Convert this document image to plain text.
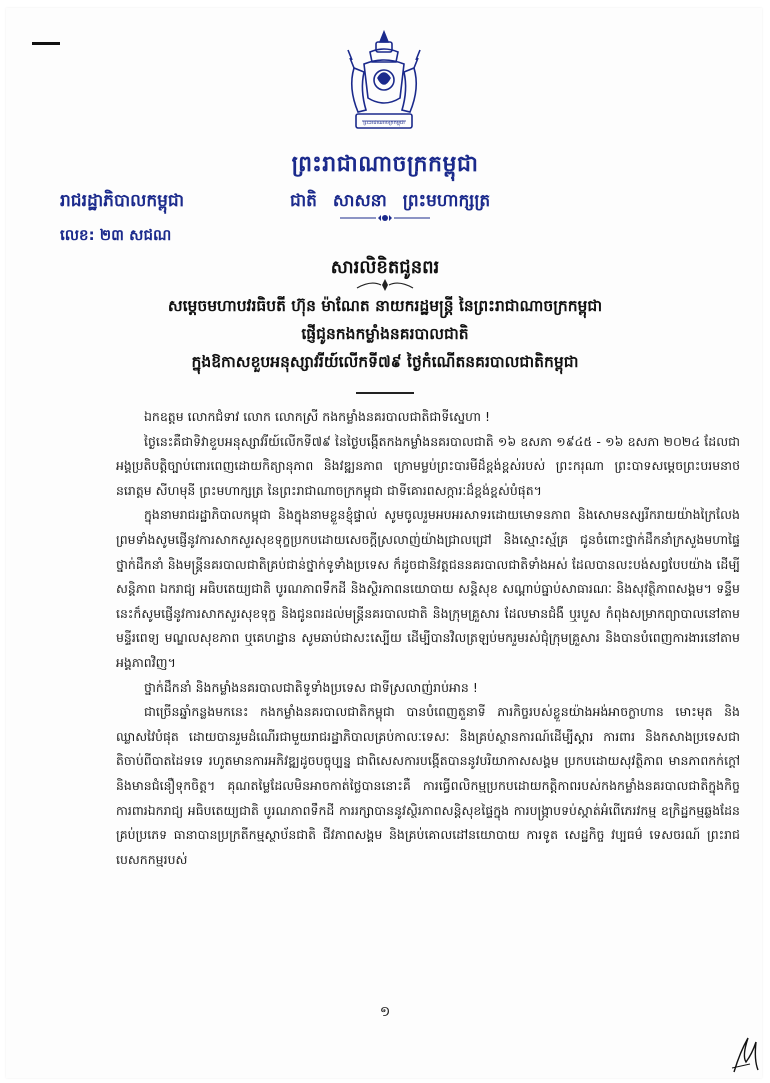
ព្រះរាជាណាចក្រកម្ពុជា
ព្រះរាជាណាចក្រកម្ពុជា
រាជរដ្ឋាភិបាលកម្ពុជា	ជាតិ សាសនា ព្រះមហាក្សត្រ
លេខ: ២៣ សជណ
សារលិខិតជូនពរ
សម្តេចមហាបវរធិបតី ហ៊ុន ម៉ាណែត នាយករដ្ឋមន្ត្រី នៃព្រះរាជាណាចក្រកម្ពុជា
ផ្ញើជូនកងកម្លាំងនគរបាលជាតិ
ក្នុងឱកាសខួបអនុស្សាវរីយ៍លើកទី៧៩ ថ្ងៃកំណើតនគរបាលជាតិកម្ពុជា

ឯកឧត្តម លោកជំទាវ លោក លោកស្រី កងកម្លាំងនគរបាលជាតិជាទីស្នេហា !

ថ្ងៃនេះគឺជាទិវាខួបអនុស្សាវរីយ៍លើកទី៧៩ នៃថ្ងៃបង្កើតកងកម្លាំងនគរបាលជាតិ ១៦ ឧសភា ១៩៤៥ - ១៦ ឧសភា ២០២៤ ដែលជាអង្គប្រតិបត្តិច្បាប់ពោរពេញដោយកិត្យានុភាព និងវឌ្ឍនភាព ក្រោមម្លប់ព្រះបារមីដ៏ខ្ពង់ខ្ពស់របស់ ព្រះករុណា ព្រះបាទសម្តេចព្រះបរមនាថ នរោត្តម សីហមុនី ព្រះមហាក្សត្រ នៃព្រះរាជាណាចក្រកម្ពុជា ជាទីគោរពសក្ការៈដ៏ខ្ពង់ខ្ពស់បំផុត។

ក្នុងនាមរាជរដ្ឋាភិបាលកម្ពុជា និងក្នុងនាមខ្លួនខ្ញុំផ្ទាល់ សូមចូលរួមអបអរសាទរដោយមោទនភាព និងសោមនស្សរីករាយយ៉ាងក្រៃលែង ព្រមទាំងសូមផ្ញើនូវការសាកសួរសុខទុក្ខប្រកបដោយសេចក្តីស្រលាញ់យ៉ាងជ្រាលជ្រៅ និងស្មោះស្ម័គ្រ ជូនចំពោះថ្នាក់ដឹកនាំក្រសួងមហាផ្ទៃ ថ្នាក់ដឹកនាំ និងមន្ត្រីនគរបាលជាតិគ្រប់ជាន់ថ្នាក់ទូទាំងប្រទេស ក៏ដូចជានិវត្តជននគរបាលជាតិទាំងអស់ ដែលបានលះបង់សព្វបែបយ៉ាង ដើម្បីសន្តិភាព ឯករាជ្យ អធិបតេយ្យជាតិ បូរណភាពទឹកដី និងស្ថិរភាពនយោបាយ សន្តិសុខ សណ្តាប់ធ្នាប់សាធារណៈ និងសុវត្ថិភាពសង្គម។ ទន្ទឹមនេះក៏សូមផ្ញើនូវការសាកសួរសុខទុក្ខ និងជូនពរដល់មន្ត្រីនគរបាលជាតិ និងក្រុមគ្រួសារ ដែលមានជំងឺ ឬរបួស កំពុងសម្រាកព្យាបាលនៅតាមមន្ទីរពេទ្យ មណ្ឌលសុខភាព ឬគេហដ្ឋាន សូមឆាប់ជាសះស្បើយ ដើម្បីបានវិលត្រឡប់មករួមរស់ជុំក្រុមគ្រួសារ និងបានបំពេញការងារនៅតាមអង្គភាពវិញ។

ថ្នាក់ដឹកនាំ និងកម្លាំងនគរបាលជាតិទូទាំងប្រទេស ជាទីស្រលាញ់រាប់អាន !

ជាច្រើនឆ្នាំកន្លងមកនេះ កងកម្លាំងនគរបាលជាតិកម្ពុជា បានបំពេញតួនាទី ភារកិច្ចរបស់ខ្លួនយ៉ាងអង់អាចក្លាហាន មោះមុត និងឈ្លាសវៃបំផុត ដោយបានរួមដំណើរជាមួយរាជរដ្ឋាភិបាលគ្រប់កាលៈទេសៈ និងគ្រប់ស្ថានការណ៍ដើម្បីស្តារ ការពារ និងកសាងប្រទេសជាតិចាប់ពីបាតដៃទទេ រហូតមានការអភិវឌ្ឍដូចបច្ចុប្បន្ន ជាពិសេសការបង្កើតបាននូវបរិយាកាសសង្គម ប្រកបដោយសុវត្ថិភាព មានភាពកក់ក្តៅ និងមានជំនឿទុកចិត្ត។ គុណតម្លៃដែលមិនអាចកាត់ថ្លៃបាននោះគឺ ការធ្វើពលិកម្មប្រកបដោយកត្តិកាពរបស់កងកម្លាំងនគរបាលជាតិក្នុងកិច្ចការពារឯករាជ្យ អធិបតេយ្យជាតិ បូរណភាពទឹកដី ការរក្សាបាននូវស្ថិរភាពសន្តិសុខផ្ទៃក្នុង ការបង្ក្រាបទប់ស្កាត់អំពើភេរវកម្ម ឧក្រិដ្ឋកម្មឆ្លងដែនគ្រប់ប្រភេទ ធានាបានប្រក្រតីកម្មស្ថាប័នជាតិ ជីវភាពសង្គម និងគ្រប់គោលដៅនយោបាយ ការទូត សេដ្ឋកិច្ច វប្បធម៌ ទេសចរណ៍ ព្រះរាជបេសកកម្មរបស់

១
